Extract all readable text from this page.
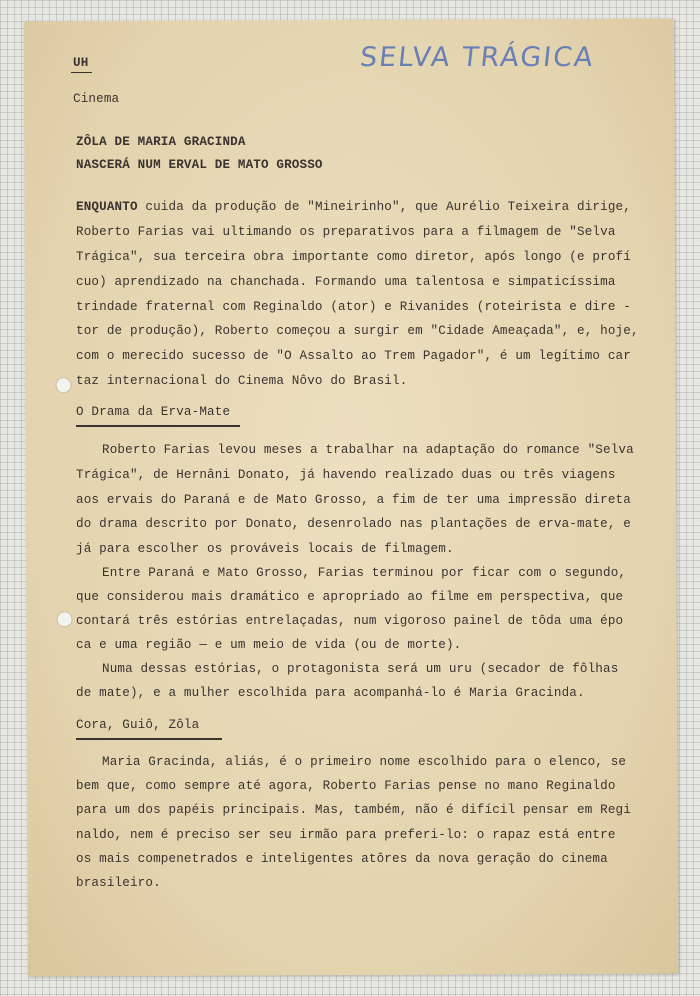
SELVA TRÁGICA
UH
Cinema
ZÔLA DE MARIA GRACINDA
NASCERÁ NUM ERVAL DE MATO GROSSO
ENQUANTO cuida da produção de "Mineirinho", que Aurélio Teixeira dirige,
Roberto Farias vai ultimando os preparativos para a filmagem de "Selva
Trágica", sua terceira obra importante como diretor, após longo (e profí
cuo) aprendizado na chanchada. Formando uma talentosa e simpaticíssima
trindade fraternal com Reginaldo (ator) e Rivanides (roteirista e dire -
tor de produção), Roberto começou a surgir em "Cidade Ameaçada", e, hoje,
com o merecido sucesso de "O Assalto ao Trem Pagador", é um legítimo car
taz internacional do Cinema Nôvo do Brasil.
O Drama da Erva-Mate
Roberto Farias levou meses a trabalhar na adaptação do romance "Selva
Trágica", de Hernâni Donato, já havendo realizado duas ou três viagens
aos ervais do Paraná e de Mato Grosso, a fim de ter uma impressão direta
do drama descrito por Donato, desenrolado nas plantações de erva-mate, e
já para escolher os prováveis locais de filmagem.
Entre Paraná e Mato Grosso, Farias terminou por ficar com o segundo,
que considerou mais dramático e apropriado ao filme em perspectiva, que
contará três estórias entrelaçadas, num vigoroso painel de tôda uma épo
ca e uma região — e um meio de vida (ou de morte).
Numa dessas estórias, o protagonista será um uru (secador de fôlhas
de mate), e a mulher escolhida para acompanhá-lo é Maria Gracinda.
Cora, Guiô, Zôla
Maria Gracinda, aliás, é o primeiro nome escolhido para o elenco, se
bem que, como sempre até agora, Roberto Farias pense no mano Reginaldo
para um dos papéis principais. Mas, também, não é difícil pensar em Regi
naldo, nem é preciso ser seu irmão para preferi-lo: o rapaz está entre
os mais compenetrados e inteligentes atôres da nova geração do cinema
brasileiro.
